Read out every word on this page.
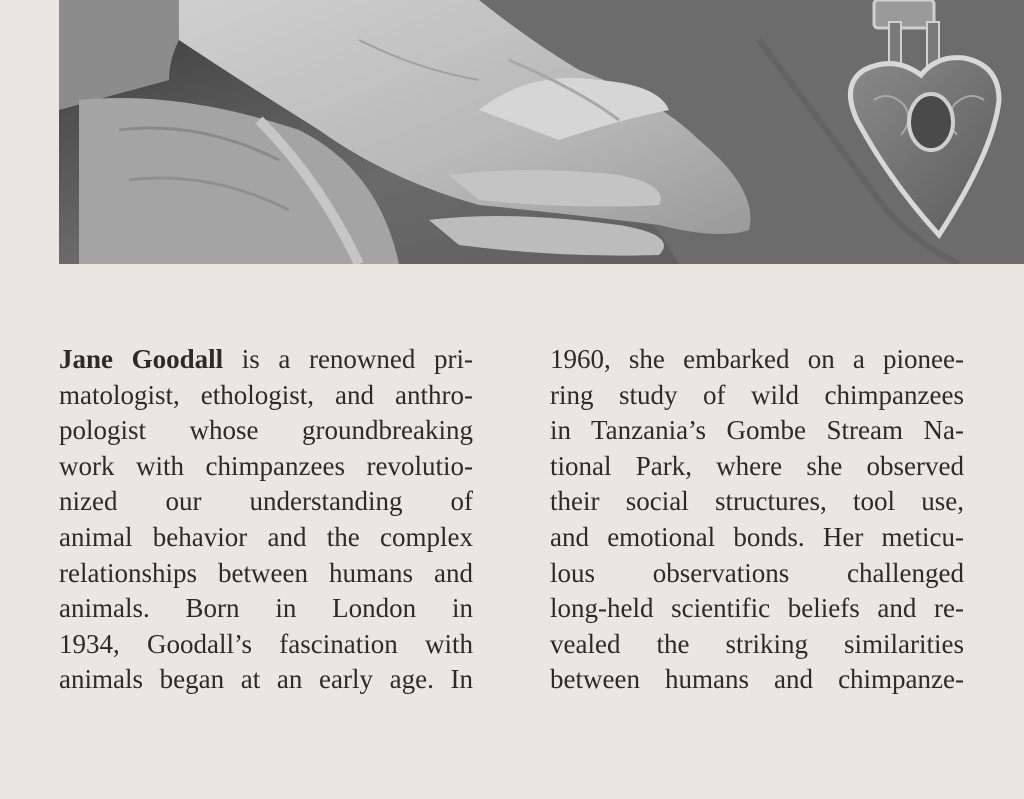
Jane Goodall is a renowned pri-
matologist, ethologist, and anthro-
pologist whose groundbreaking
work with chimpanzees revolutio-
nized our understanding of
animal behavior and the complex
relationships between humans and
animals. Born in London in
1934, Goodall’s fascination with
animals began at an early age. In
1960, she embarked on a pionee-
ring study of wild chimpanzees
in Tanzania’s Gombe Stream Na-
tional Park, where she observed
their social structures, tool use,
and emotional bonds. Her meticu-
lous observations challenged
long-held scientific beliefs and re-
vealed the striking similarities
between humans and chimpanze-
